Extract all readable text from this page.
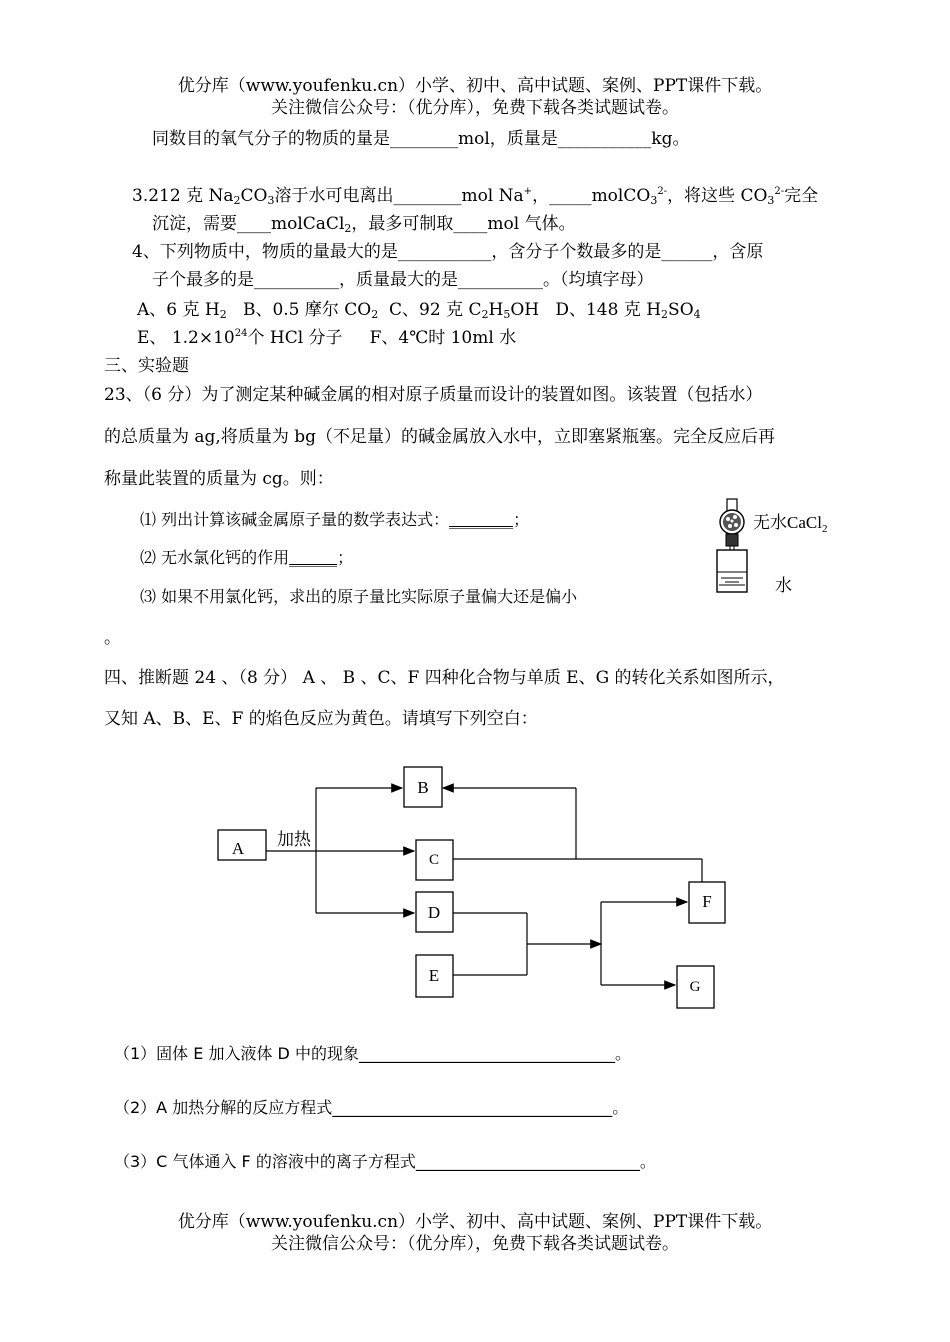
优分库（www.youfenku.cn）小学、初中、高中试题、案例、PPT课件下载。
关注微信公众号：（优分库），免费下载各类试题试卷。
同数目的氧气分子的物质的量是________mol，质量是___________kg。
3.212 克 $Na_2CO_3$溶于水可电离出________mol Na+，_____molCO$_3^{2-}$，将这些 $CO_3^{2-}$完全
沉淀，需要____molCaCl$_2$，最多可制取____mol 气体。
4、下列物质中，物质的量最大的是___________，含分子个数最多的是______，含原
子个最多的是__________，质量最大的是__________。（均填字母）
A、6 克 $H_2$ B、0.5 摩尔 $CO_2$ C、92 克 $C_2H_5OH$ D、148 克 $H_2SO_4$
E、 $1.2\times 10^{24}$个 HCl 分子 F、4℃时 10ml 水
三、实验题
23、（6 分）为了测定某种碱金属的相对原子质量而设计的装置如图。该装置（包括水）
的总质量为 ag,将质量为 bg（不足量）的碱金属放入水中，立即塞紧瓶塞。完全反应后再
称量此装置的质量为 cg。则：
⑴ 列出计算该碱金属原子量的数学表达式：________；
⑵ 无水氯化钙的作用______；
⑶ 如果不用氯化钙，求出的原子量比实际原子量偏大还是偏小
。
无水CaCl$_2$
水
四、推断题 24 、（8 分） A 、 B 、C、F 四种化合物与单质 E、G 的转化关系如图所示，
又知 A、B、E、F 的焰色反应为黄色。请填写下列空白：
A
B
C
D
E
F
G
加热
（1）固体 E 加入液体 D 中的现象________________________________。
（2）A 加热分解的反应方程式___________________________________。
（3）C 气体通入 F 的溶液中的离子方程式____________________________。
优分库（www.youfenku.cn）小学、初中、高中试题、案例、PPT课件下载。
关注微信公众号：（优分库），免费下载各类试题试卷。
